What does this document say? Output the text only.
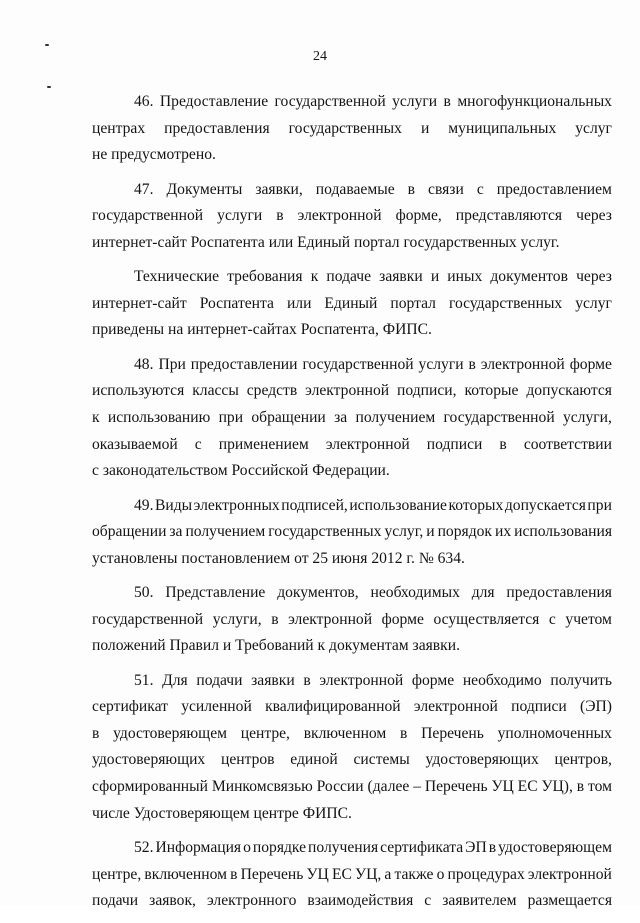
24
46. Предоставление государственной услуги в многофункциональных
центрах предоставления государственных и муниципальных услуг
не предусмотрено.
47. Документы заявки, подаваемые в связи с предоставлением
государственной услуги в электронной форме, представляются через
интернет-сайт Роспатента или Единый портал государственных услуг.
Технические требования к подаче заявки и иных документов через
интернет-сайт Роспатента или Единый портал государственных услуг
приведены на интернет-сайтах Роспатента, ФИПС.
48. При предоставлении государственной услуги в электронной форме
используются классы средств электронной подписи, которые допускаются
к использованию при обращении за получением государственной услуги,
оказываемой с применением электронной подписи в соответствии
с законодательством Российской Федерации.
49. Виды электронных подписей, использование которых допускается при
обращении за получением государственных услуг, и порядок их использования
установлены постановлением от 25 июня 2012 г. № 634.
50. Представление документов, необходимых для предоставления
государственной услуги, в электронной форме осуществляется с учетом
положений Правил и Требований к документам заявки.
51. Для подачи заявки в электронной форме необходимо получить
сертификат усиленной квалифицированной электронной подписи (ЭП)
в удостоверяющем центре, включенном в Перечень уполномоченных
удостоверяющих центров единой системы удостоверяющих центров,
сформированный Минкомсвязью России (далее – Перечень УЦ ЕС УЦ), в том
числе Удостоверяющем центре ФИПС.
52. Информация о порядке получения сертификата ЭП в удостоверяющем
центре, включенном в Перечень УЦ ЕС УЦ, а также о процедурах электронной
подачи заявок, электронного взаимодействия с заявителем размещается
